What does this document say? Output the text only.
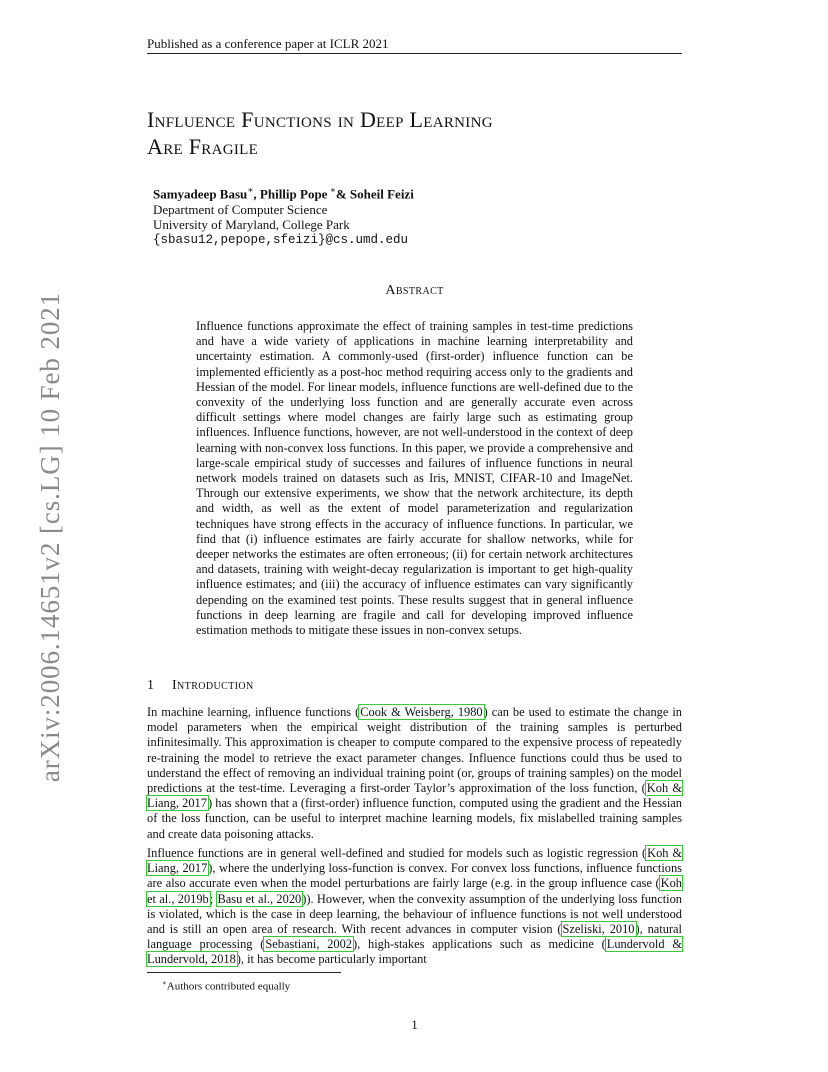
Published as a conference paper at ICLR 2021
arXiv:2006.14651v2 [cs.LG] 10 Feb 2021
Influence Functions in Deep Learning
Are Fragile
Samyadeep Basu∗, Phillip Pope ∗& Soheil Feizi
Department of Computer Science
University of Maryland, College Park
{sbasu12,pepope,sfeizi}@cs.umd.edu
Abstract
Influence functions approximate the effect of training samples in test-time predictions and have a wide variety of applications in machine learning interpretability and uncertainty estimation. A commonly-used (first-order) influence function can be implemented efficiently as a post-hoc method requiring access only to the gradients and Hessian of the model. For linear models, influence functions are well-defined due to the convexity of the underlying loss function and are generally accurate even across difficult settings where model changes are fairly large such as estimating group influences. Influence functions, however, are not well-understood in the context of deep learning with non-convex loss functions. In this paper, we provide a comprehensive and large-scale empirical study of successes and failures of influence functions in neural network models trained on datasets such as Iris, MNIST, CIFAR-10 and ImageNet. Through our extensive experiments, we show that the network architecture, its depth and width, as well as the extent of model parameterization and regularization techniques have strong effects in the accuracy of influence functions. In particular, we find that (i) influence estimates are fairly accurate for shallow networks, while for deeper networks the estimates are often erroneous; (ii) for certain network architectures and datasets, training with weight-decay regularization is important to get high-quality influence estimates; and (iii) the accuracy of influence estimates can vary significantly depending on the examined test points. These results suggest that in general influence functions in deep learning are fragile and call for developing improved influence estimation methods to mitigate these issues in non-convex setups.
1 Introduction
In machine learning, influence functions (Cook & Weisberg, 1980) can be used to estimate the change in model parameters when the empirical weight distribution of the training samples is perturbed infinitesimally. This approximation is cheaper to compute compared to the expensive process of repeatedly re-training the model to retrieve the exact parameter changes. Influence functions could thus be used to understand the effect of removing an individual training point (or, groups of training samples) on the model predictions at the test-time. Leveraging a first-order Taylor’s approximation of the loss function, (Koh & Liang, 2017) has shown that a (first-order) influence function, computed using the gradient and the Hessian of the loss function, can be useful to interpret machine learning models, fix mislabelled training samples and create data poisoning attacks.
Influence functions are in general well-defined and studied for models such as logistic regression (Koh & Liang, 2017), where the underlying loss-function is convex. For convex loss functions, influence functions are also accurate even when the model perturbations are fairly large (e.g. in the group influence case (Koh et al., 2019b; Basu et al., 2020)). However, when the convexity assumption of the underlying loss function is violated, which is the case in deep learning, the behaviour of influence functions is not well understood and is still an open area of research. With recent advances in computer vision (Szeliski, 2010), natural language processing (Sebastiani, 2002), high-stakes applications such as medicine (Lundervold & Lundervold, 2018), it has become particularly important
∗Authors contributed equally
1
